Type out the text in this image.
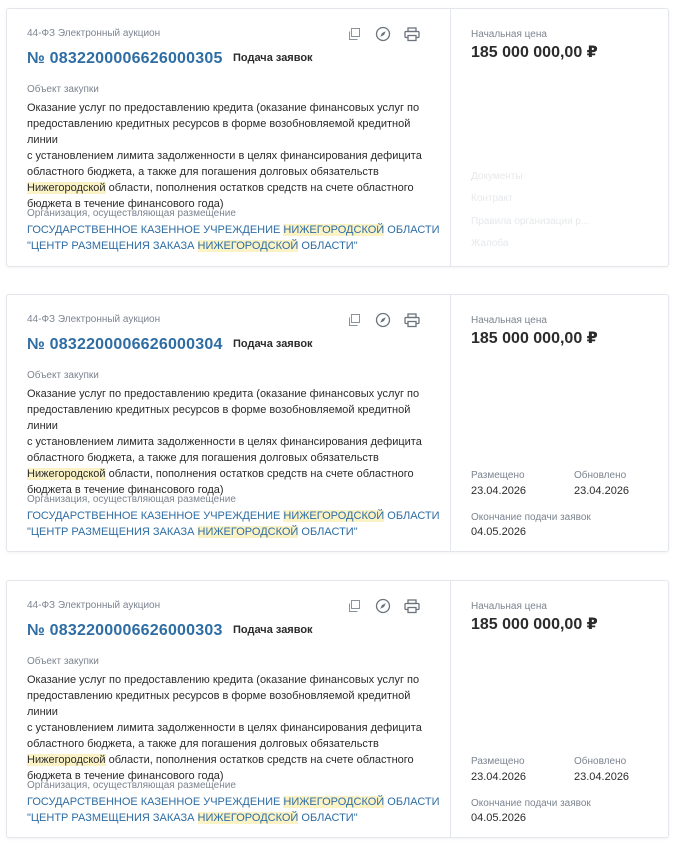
44-ФЗ Электронный аукцион
№ 0832200006626000305 Подача заявок
Объект закупки
Оказание услуг по предоставлению кредита (оказание финансовых услуг по
предоставлению кредитных ресурсов в форме возобновляемой кредитной линии
с установлением лимита задолженности в целях финансирования дефицита
областного бюджета, а также для погашения долговых обязательств
Нижегородской области, пополнения остатков средств на счете областного
бюджета в течение финансового года)
Организация, осуществляющая размещение
ГОСУДАРСТВЕННОЕ КАЗЕННОЕ УЧРЕЖДЕНИЕ НИЖЕГОРОДСКОЙ ОБЛАСТИ
"ЦЕНТР РАЗМЕЩЕНИЯ ЗАКАЗА НИЖЕГОРОДСКОЙ ОБЛАСТИ"
Начальная цена
185 000 000,00 ₽
Документы
Контракт
Правила организации р...
Жалоба
44-ФЗ Электронный аукцион
№ 0832200006626000304 Подача заявок
Объект закупки
Оказание услуг по предоставлению кредита (оказание финансовых услуг по
предоставлению кредитных ресурсов в форме возобновляемой кредитной линии
с установлением лимита задолженности в целях финансирования дефицита
областного бюджета, а также для погашения долговых обязательств
Нижегородской области, пополнения остатков средств на счете областного
бюджета в течение финансового года)
Организация, осуществляющая размещение
ГОСУДАРСТВЕННОЕ КАЗЕННОЕ УЧРЕЖДЕНИЕ НИЖЕГОРОДСКОЙ ОБЛАСТИ
"ЦЕНТР РАЗМЕЩЕНИЯ ЗАКАЗА НИЖЕГОРОДСКОЙ ОБЛАСТИ"
Начальная цена
185 000 000,00 ₽
Размещено
23.04.2026
Обновлено
23.04.2026
Окончание подачи заявок
04.05.2026
44-ФЗ Электронный аукцион
№ 0832200006626000303 Подача заявок
Объект закупки
Оказание услуг по предоставлению кредита (оказание финансовых услуг по
предоставлению кредитных ресурсов в форме возобновляемой кредитной линии
с установлением лимита задолженности в целях финансирования дефицита
областного бюджета, а также для погашения долговых обязательств
Нижегородской области, пополнения остатков средств на счете областного
бюджета в течение финансового года)
Организация, осуществляющая размещение
ГОСУДАРСТВЕННОЕ КАЗЕННОЕ УЧРЕЖДЕНИЕ НИЖЕГОРОДСКОЙ ОБЛАСТИ
"ЦЕНТР РАЗМЕЩЕНИЯ ЗАКАЗА НИЖЕГОРОДСКОЙ ОБЛАСТИ"
Начальная цена
185 000 000,00 ₽
Размещено
23.04.2026
Обновлено
23.04.2026
Окончание подачи заявок
04.05.2026
